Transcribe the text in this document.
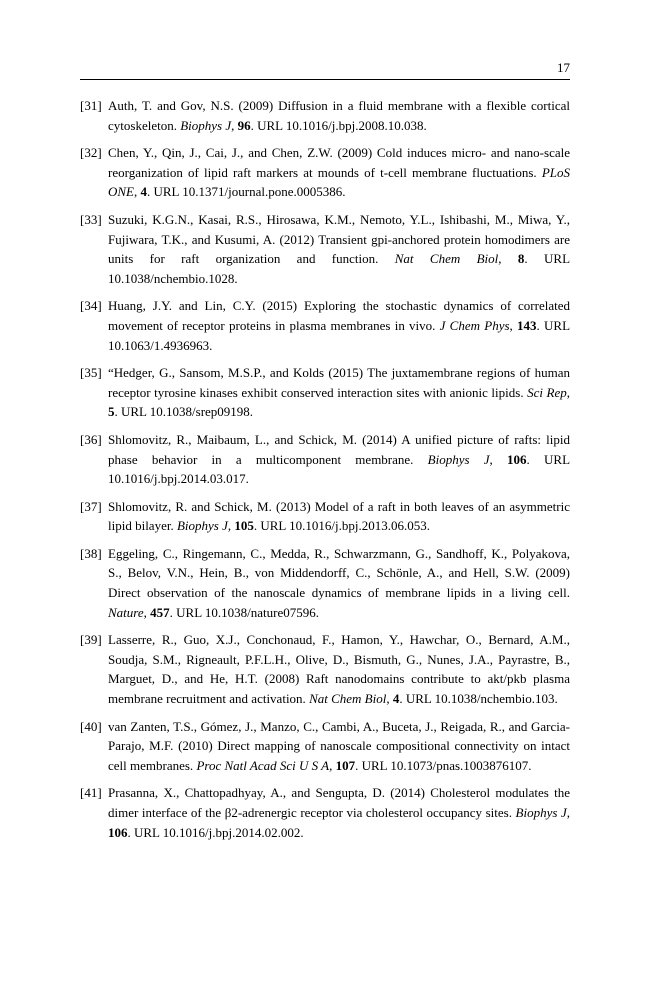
17
[31] Auth, T. and Gov, N.S. (2009) Diffusion in a fluid membrane with a flexible cortical cytoskeleton. Biophys J, 96. URL 10.1016/j.bpj.2008.10.038.
[32] Chen, Y., Qin, J., Cai, J., and Chen, Z.W. (2009) Cold induces micro- and nano-scale reorganization of lipid raft markers at mounds of t-cell membrane fluctuations. PLoS ONE, 4. URL 10.1371/journal.pone.0005386.
[33] Suzuki, K.G.N., Kasai, R.S., Hirosawa, K.M., Nemoto, Y.L., Ishibashi, M., Miwa, Y., Fujiwara, T.K., and Kusumi, A. (2012) Transient gpi-anchored protein homodimers are units for raft organization and function. Nat Chem Biol, 8. URL 10.1038/nchembio.1028.
[34] Huang, J.Y. and Lin, C.Y. (2015) Exploring the stochastic dynamics of correlated movement of receptor proteins in plasma membranes in vivo. J Chem Phys, 143. URL 10.1063/1.4936963.
[35] “Hedger, G., Sansom, M.S.P., and Kolds (2015) The juxtamembrane regions of human receptor tyrosine kinases exhibit conserved interaction sites with anionic lipids. Sci Rep, 5. URL 10.1038/srep09198.
[36] Shlomovitz, R., Maibaum, L., and Schick, M. (2014) A unified picture of rafts: lipid phase behavior in a multicomponent membrane. Biophys J, 106. URL 10.1016/j.bpj.2014.03.017.
[37] Shlomovitz, R. and Schick, M. (2013) Model of a raft in both leaves of an asymmetric lipid bilayer. Biophys J, 105. URL 10.1016/j.bpj.2013.06.053.
[38] Eggeling, C., Ringemann, C., Medda, R., Schwarzmann, G., Sandhoff, K., Polyakova, S., Belov, V.N., Hein, B., von Middendorff, C., Schönle, A., and Hell, S.W. (2009) Direct observation of the nanoscale dynamics of membrane lipids in a living cell. Nature, 457. URL 10.1038/nature07596.
[39] Lasserre, R., Guo, X.J., Conchonaud, F., Hamon, Y., Hawchar, O., Bernard, A.M., Soudja, S.M., Rigneault, P.F.L.H., Olive, D., Bismuth, G., Nunes, J.A., Payrastre, B., Marguet, D., and He, H.T. (2008) Raft nanodomains contribute to akt/pkb plasma membrane recruitment and activation. Nat Chem Biol, 4. URL 10.1038/nchembio.103.
[40] van Zanten, T.S., Gómez, J., Manzo, C., Cambi, A., Buceta, J., Reigada, R., and Garcia-Parajo, M.F. (2010) Direct mapping of nanoscale compositional connectivity on intact cell membranes. Proc Natl Acad Sci U S A, 107. URL 10.1073/pnas.1003876107.
[41] Prasanna, X., Chattopadhyay, A., and Sengupta, D. (2014) Cholesterol modulates the dimer interface of the β2-adrenergic receptor via cholesterol occupancy sites. Biophys J, 106. URL 10.1016/j.bpj.2014.02.002.
